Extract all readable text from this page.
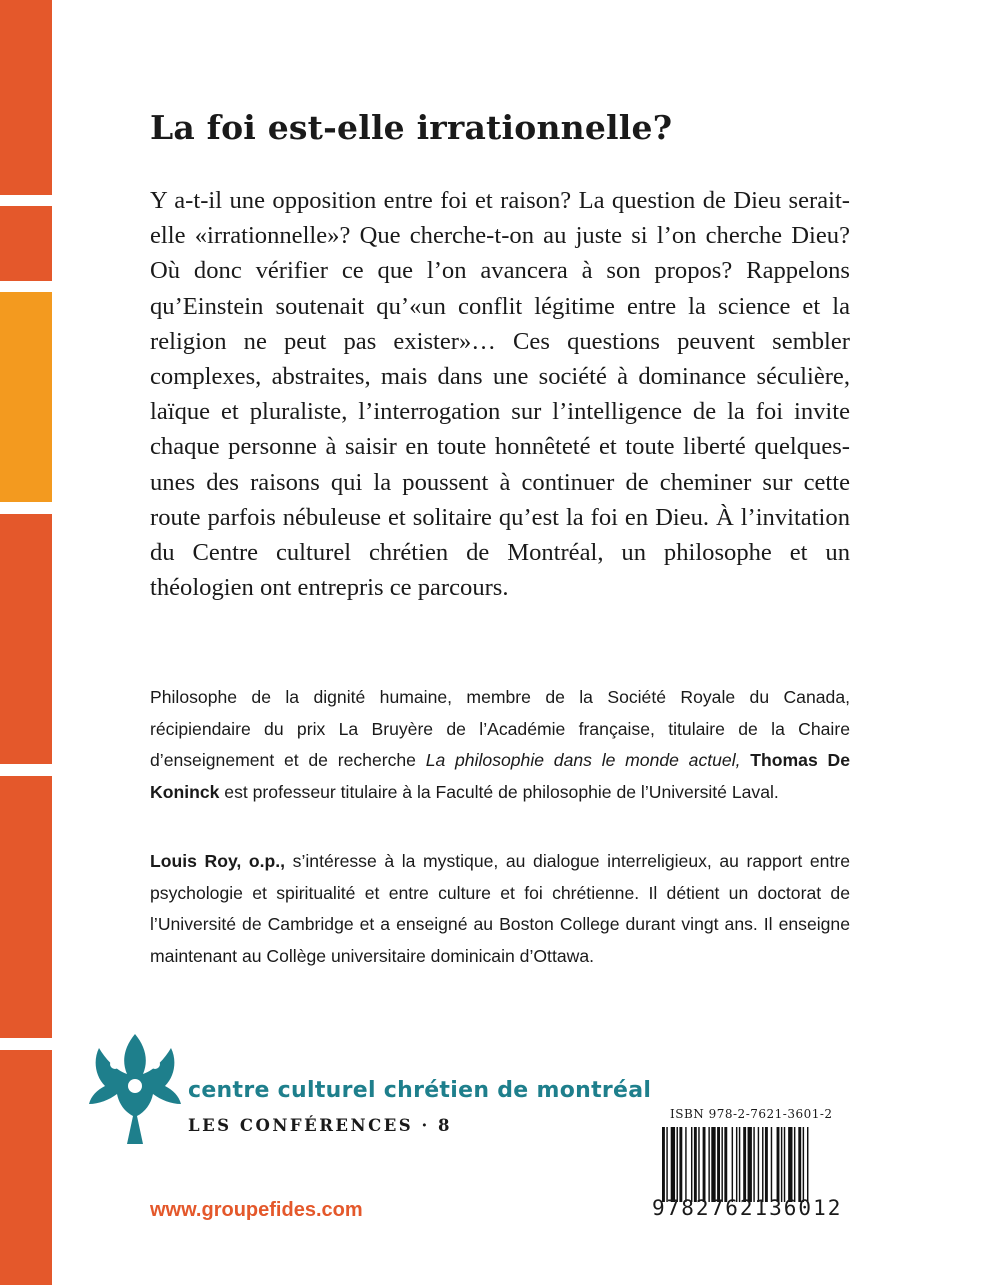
La foi est-elle irrationnelle?

Y a-t-il une opposition entre foi et raison? La question de Dieu serait-elle «irrationnelle»? Que cherche-t-on au juste si l’on cherche Dieu? Où donc vérifier ce que l’on avancera à son propos? Rappelons qu’Einstein soutenait qu’«un conflit légitime entre la science et la religion ne peut pas exister»… Ces questions peuvent sembler complexes, abstraites, mais dans une société à dominance séculière, laïque et pluraliste, l’interrogation sur l’intelligence de la foi invite chaque personne à saisir en toute honnêteté et toute liberté quelques-unes des raisons qui la poussent à continuer de cheminer sur cette route parfois nébuleuse et solitaire qu’est la foi en Dieu. À l’invitation du Centre culturel chrétien de Montréal, un philosophe et un théologien ont entrepris ce parcours.

Philosophe de la dignité humaine, membre de la Société Royale du Canada, récipiendaire du prix La Bruyère de l’Académie française, titulaire de la Chaire d’enseignement et de recherche La philosophie dans le monde actuel, Thomas De Koninck est professeur titulaire à la Faculté de philosophie de l’Université Laval.

Louis Roy, o.p., s’intéresse à la mystique, au dialogue interreligieux, au rapport entre psychologie et spiritualité et entre culture et foi chrétienne. Il détient un doctorat de l’Université de Cambridge et a enseigné au Boston College durant vingt ans. Il enseigne maintenant au Collège universitaire dominicain d’Ottawa.

centre culturel chrétien de montréal

LES CONFÉRENCES · 8

ISBN 978-2-7621-3601-2

9782762136012

www.groupefides.com
